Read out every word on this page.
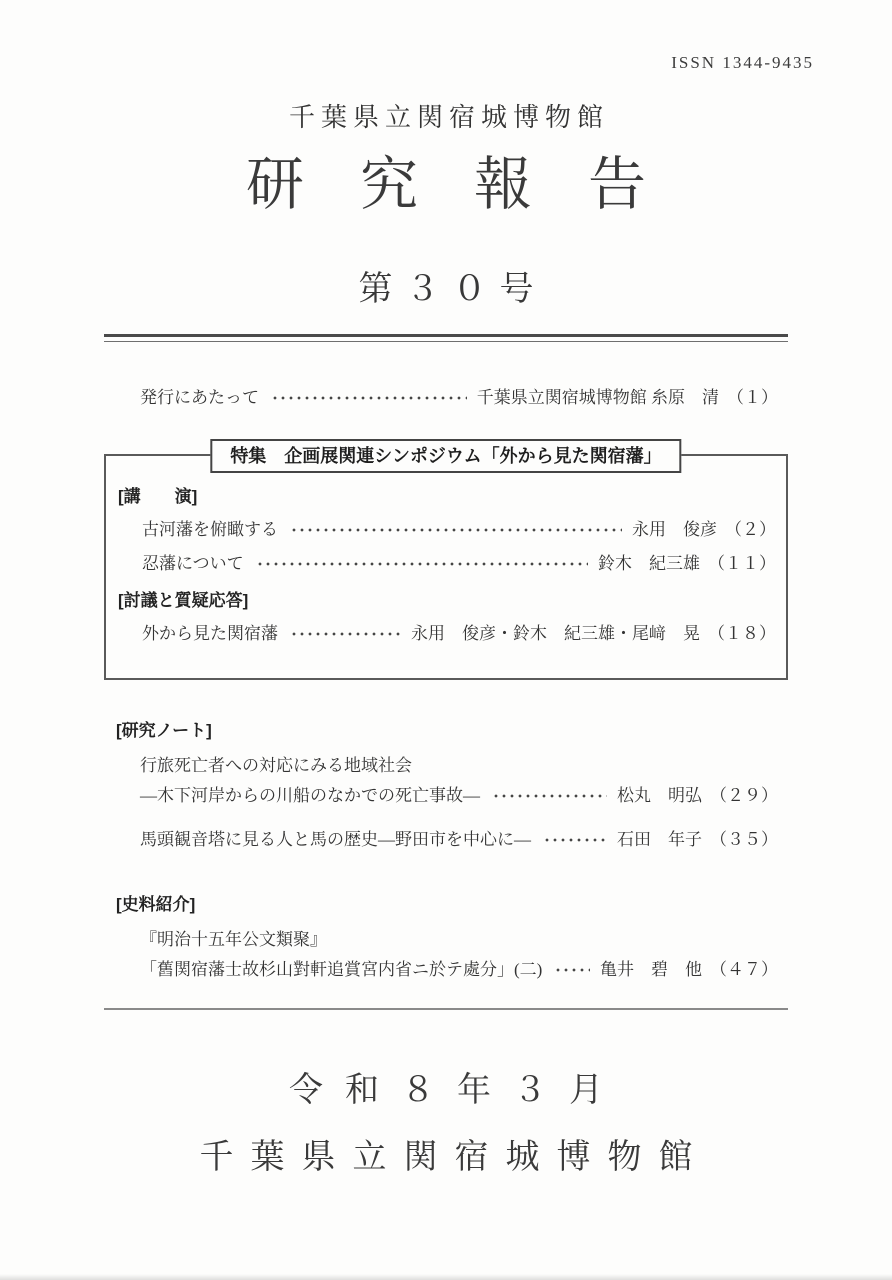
ISSN 1344-9435
千葉県立関宿城博物館
研究報告
第３０号
発行にあたって	千葉県立関宿城博物館 糸原　清 （１）
特集　企画展関連シンポジウム「外から見た関宿藩」
[講　　演]
古河藩を俯瞰する	永用　俊彦 （２）
忍藩について	鈴木　紀三雄 （１１）
[討議と質疑応答]
外から見た関宿藩	永用　俊彦・鈴木　紀三雄・尾﨑　晃 （１８）
[研究ノート]
行旅死亡者への対応にみる地域社会
―木下河岸からの川船のなかでの死亡事故―	松丸　明弘 （２９）
馬頭観音塔に見る人と馬の歴史―野田市を中心に―	石田　年子 （３５）
[史料紹介]
『明治十五年公文類聚』
「舊関宿藩士故杉山對軒追賞宮内省ニ於テ處分」(二)	亀井　碧　他 （４７）
令和８年３月
千葉県立関宿城博物館
